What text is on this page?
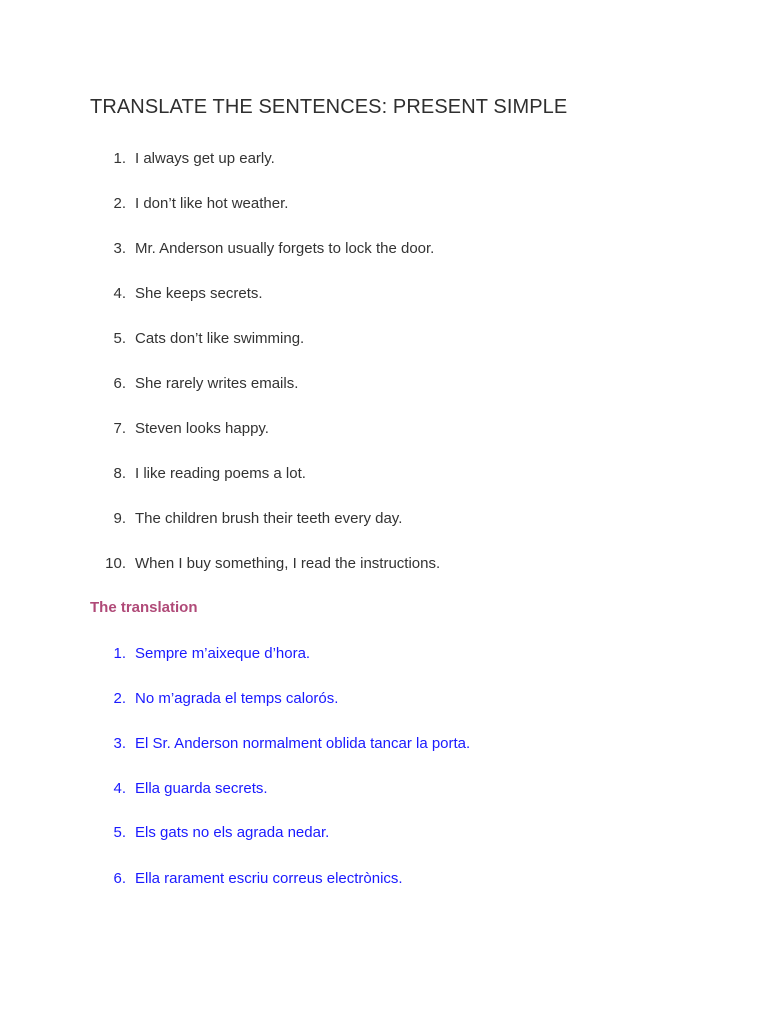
TRANSLATE THE SENTENCES: PRESENT SIMPLE
1. I always get up early.
2. I don’t like hot weather.
3. Mr. Anderson usually forgets to lock the door.
4. She keeps secrets.
5. Cats don’t like swimming.
6. She rarely writes emails.
7. Steven looks happy.
8. I like reading poems a lot.
9. The children brush their teeth every day.
10. When I buy something, I read the instructions.
The translation
1. Sempre m’aixeque d’hora.
2. No m’agrada el temps calorós.
3. El Sr. Anderson normalment oblida tancar la porta.
4. Ella guarda secrets.
5. Els gats no els agrada nedar.
6. Ella rarament escriu correus electrònics.
